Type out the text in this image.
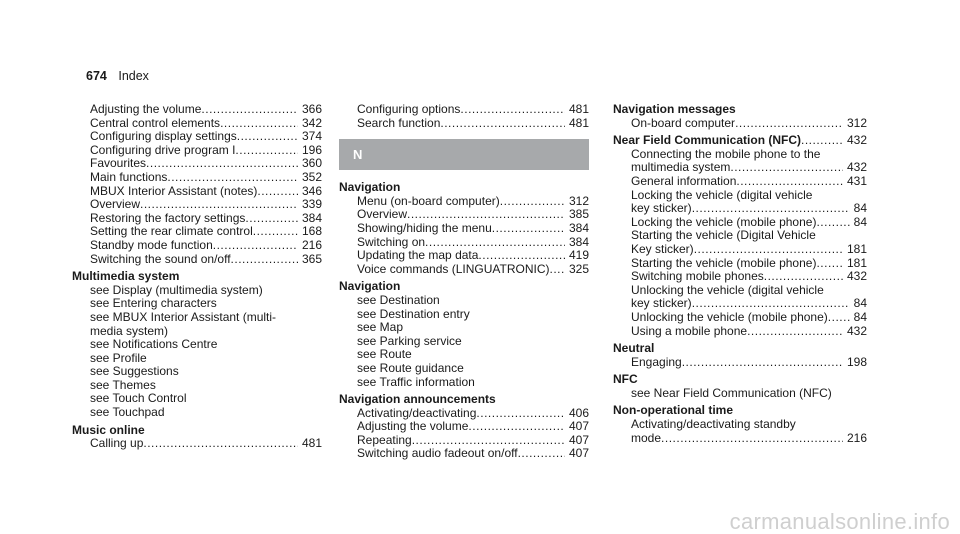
674 Index
Adjusting the volume .....	366
Central control elements .....	342
Configuring display settings .....	374
Configuring drive program I .....	196
Favourites .....	360
Main functions .....	352
MBUX Interior Assistant (notes) .....	346
Overview .....	339
Restoring the factory settings .....	384
Setting the rear climate control .....	168
Standby mode function .....	216
Switching the sound on/off .....	365
Multimedia system
see Display (multimedia system)
see Entering characters
see MBUX Interior Assistant (multi-
media system)
see Notifications Centre
see Profile
see Suggestions
see Themes
see Touch Control
see Touchpad
Music online
Calling up .....	481
Configuring options .....	481
Search function .....	481
N
Navigation
Menu (on-board computer) .....	312
Overview .....	385
Showing/hiding the menu .....	384
Switching on .....	384
Updating the map data .....	419
Voice commands (LINGUATRONIC) .....	325
Navigation
see Destination
see Destination entry
see Map
see Parking service
see Route
see Route guidance
see Traffic information
Navigation announcements
Activating/deactivating .....	406
Adjusting the volume .....	407
Repeating .....	407
Switching audio fadeout on/off .....	407
Navigation messages
On-board computer .....	312
Near Field Communication (NFC) .....	432
Connecting the mobile phone to the
multimedia system .....	432
General information .....	431
Locking the vehicle (digital vehicle
key sticker) .....	84
Locking the vehicle (mobile phone) .....	84
Starting the vehicle (Digital Vehicle
Key sticker) .....	181
Starting the vehicle (mobile phone) .....	181
Switching mobile phones .....	432
Unlocking the vehicle (digital vehicle
key sticker) .....	84
Unlocking the vehicle (mobile phone) .....	84
Using a mobile phone .....	432
Neutral
Engaging .....	198
NFC
see Near Field Communication (NFC)
Non-operational time
Activating/deactivating standby
mode .....	216
carmanualsonline.info
